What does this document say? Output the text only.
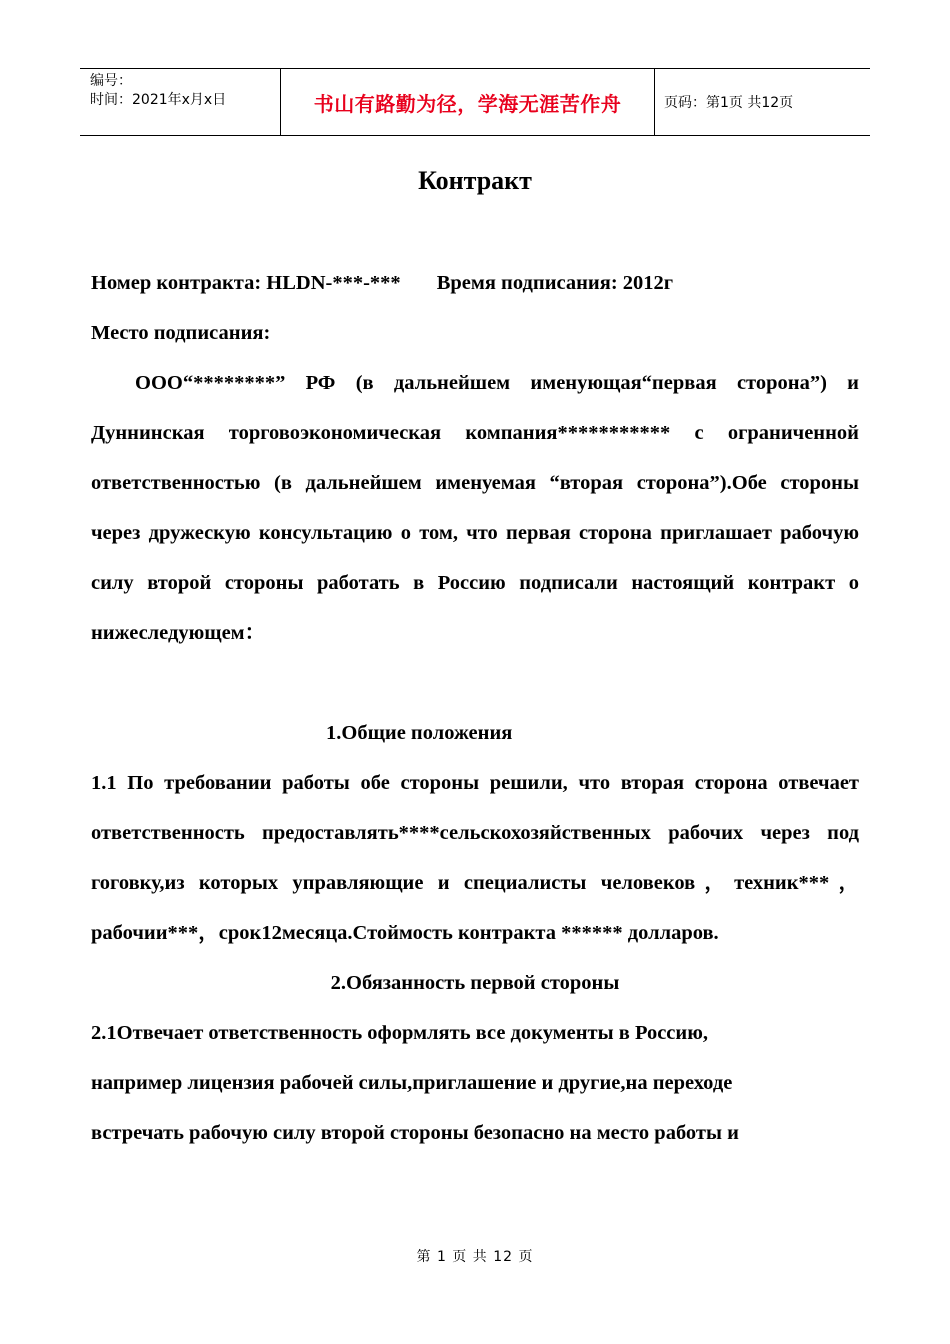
编号：
时间：2021年x月x日	书山有路勤为径，学海无涯苦作舟	页码：第1页 共12页
Контракт

Номер контракта: HLDN-***-*** Время подписания: 2012г

Место подписания:

ООО“********” РФ (в дальнейшем именующая“первая сторона”) и Дуннинская торговоэкономическая компания*********** с ограниченной ответственностью (в дальнейшем именуемая “вторая сторона”).Обе стороны через дружескую консультацию о том, что первая сторона приглашает рабочую силу второй стороны работать в Россию подписали настоящий контракт о нижеследующем：

1.Общие положения

1.1 По требовании работы обе стороны решили, что вторая сторона отвечает ответственность предоставлять****сельскохозяйственных рабочих через под гоговку,из которых управляющие и специалисты человеков，техник***，рабочии***，срок12месяца.Стоймость контракта ****** долларов.

2.Обязанность первой стороны

2.1Отвечает ответственность оформлять все документы в Россию,

например лицензия рабочей силы,приглашение и другие,на переходе

встречать рабочую силу второй стороны безопасно на место работы и

第 1 页 共 12 页
